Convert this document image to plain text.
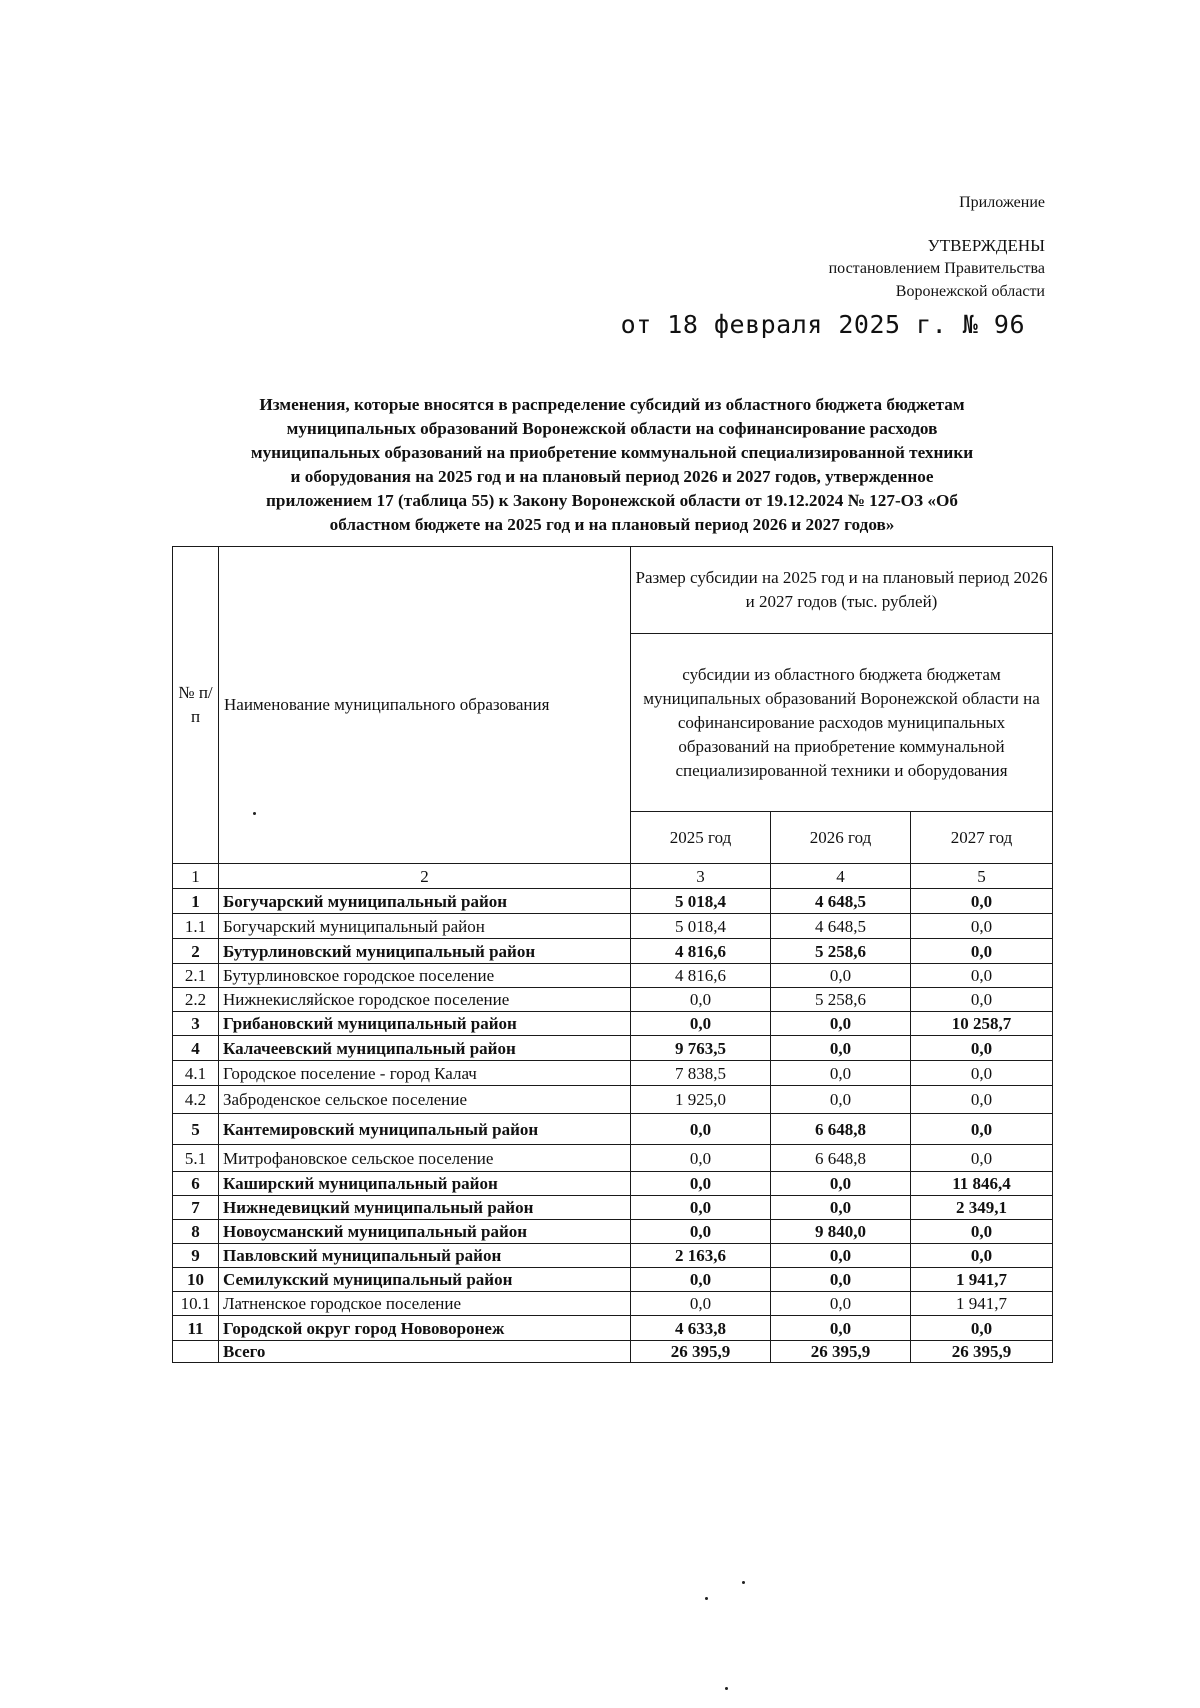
Приложение
УТВЕРЖДЕНЫ
постановлением Правительства
Воронежской области
от 18 февраля 2025 г. № 96
Изменения, которые вносятся в распределение субсидий из областного бюджета бюджетам
муниципальных образований Воронежской области на софинансирование расходов
муниципальных образований на приобретение коммунальной специализированной техники
и оборудования на 2025 год и на плановый период 2026 и 2027 годов, утвержденное
приложением 17 (таблица 55) к Закону Воронежской области от 19.12.2024 № 127-ОЗ «Об
областном бюджете на 2025 год и на плановый период 2026 и 2027 годов»
№ п/п	Наименование муниципального образования	Размер субсидии на 2025 год и на плановый период 2026 и 2027 годов (тыс. рублей)		
		субсидии из областного бюджета бюджетам муниципальных образований Воронежской области на софинансирование расходов муниципальных образований на приобретение коммунальной специализированной техники и оборудования		
		2025 год	2026 год	2027 год
1	2	3	4	5
1	Богучарский муниципальный район	5 018,4	4 648,5	0,0
1.1	Богучарский муниципальный район	5 018,4	4 648,5	0,0
2	Бутурлиновский муниципальный район	4 816,6	5 258,6	0,0
2.1	Бутурлиновское городское поселение	4 816,6	0,0	0,0
2.2	Нижнекисляйское городское поселение	0,0	5 258,6	0,0
3	Грибановский муниципальный район	0,0	0,0	10 258,7
4	Калачеевский муниципальный район	9 763,5	0,0	0,0
4.1	Городское поселение - город Калач	7 838,5	0,0	0,0
4.2	Заброденское сельское поселение	1 925,0	0,0	0,0
5	Кантемировский муниципальный район	0,0	6 648,8	0,0
5.1	Митрофановское сельское поселение	0,0	6 648,8	0,0
6	Каширский муниципальный район	0,0	0,0	11 846,4
7	Нижнедевицкий муниципальный район	0,0	0,0	2 349,1
8	Новоусманский муниципальный район	0,0	9 840,0	0,0
9	Павловский муниципальный район	2 163,6	0,0	0,0
10	Семилукский муниципальный район	0,0	0,0	1 941,7
10.1	Латненское городское поселение	0,0	0,0	1 941,7
11	Городской округ город Нововоронеж	4 633,8	0,0	0,0
	Всего	26 395,9	26 395,9	26 395,9
